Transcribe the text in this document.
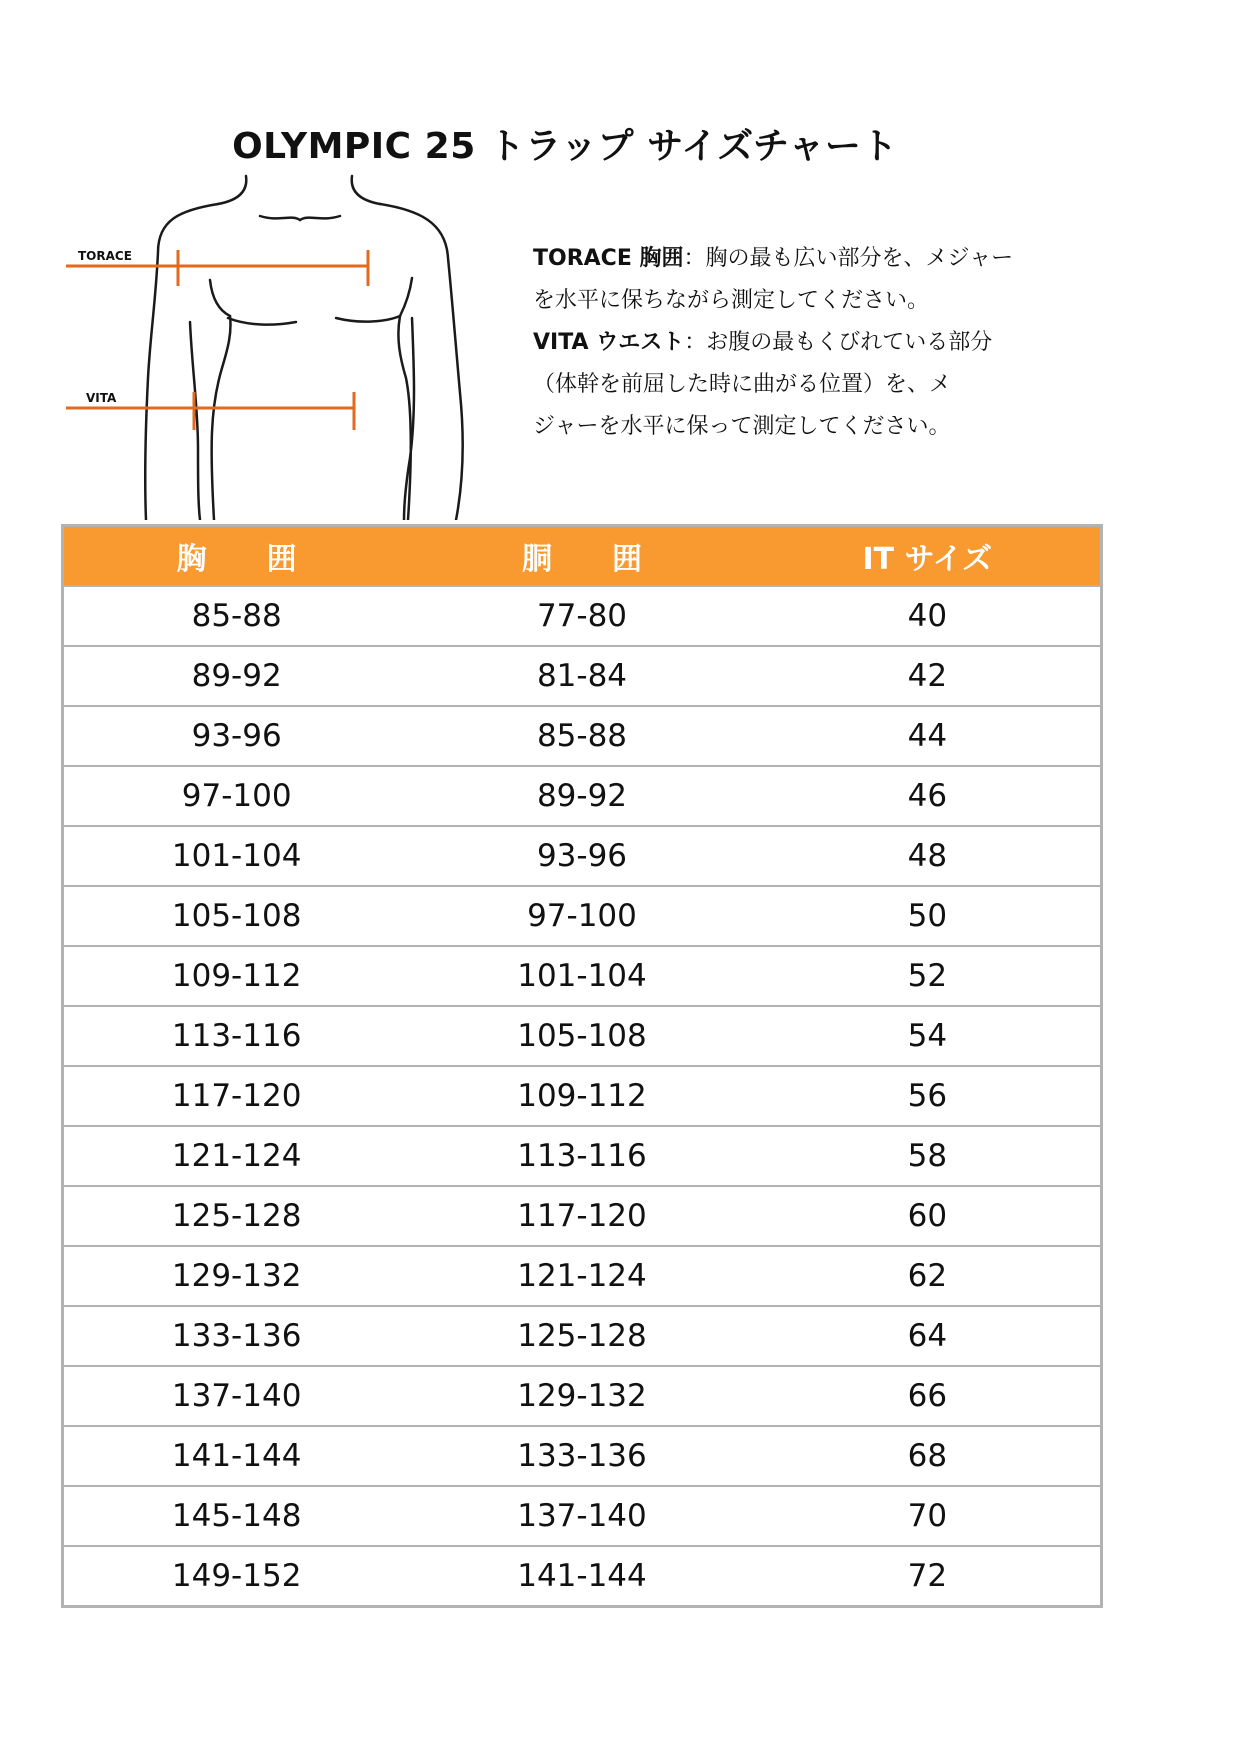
OLYMPIC 25 トラップ サイズチャート
TORACE
VITA
TORACE 胸囲：胸の最も広い部分を、メジャー
を水平に保ちながら測定してください。
VITA ウエスト：お腹の最もくびれている部分
（体幹を前屈した時に曲がる位置）を、メ
ジャーを水平に保って測定してください。
胸　　囲	胴　　囲	IT サイズ
85-88	77-80	40
89-92	81-84	42
93-96	85-88	44
97-100	89-92	46
101-104	93-96	48
105-108	97-100	50
109-112	101-104	52
113-116	105-108	54
117-120	109-112	56
121-124	113-116	58
125-128	117-120	60
129-132	121-124	62
133-136	125-128	64
137-140	129-132	66
141-144	133-136	68
145-148	137-140	70
149-152	141-144	72
